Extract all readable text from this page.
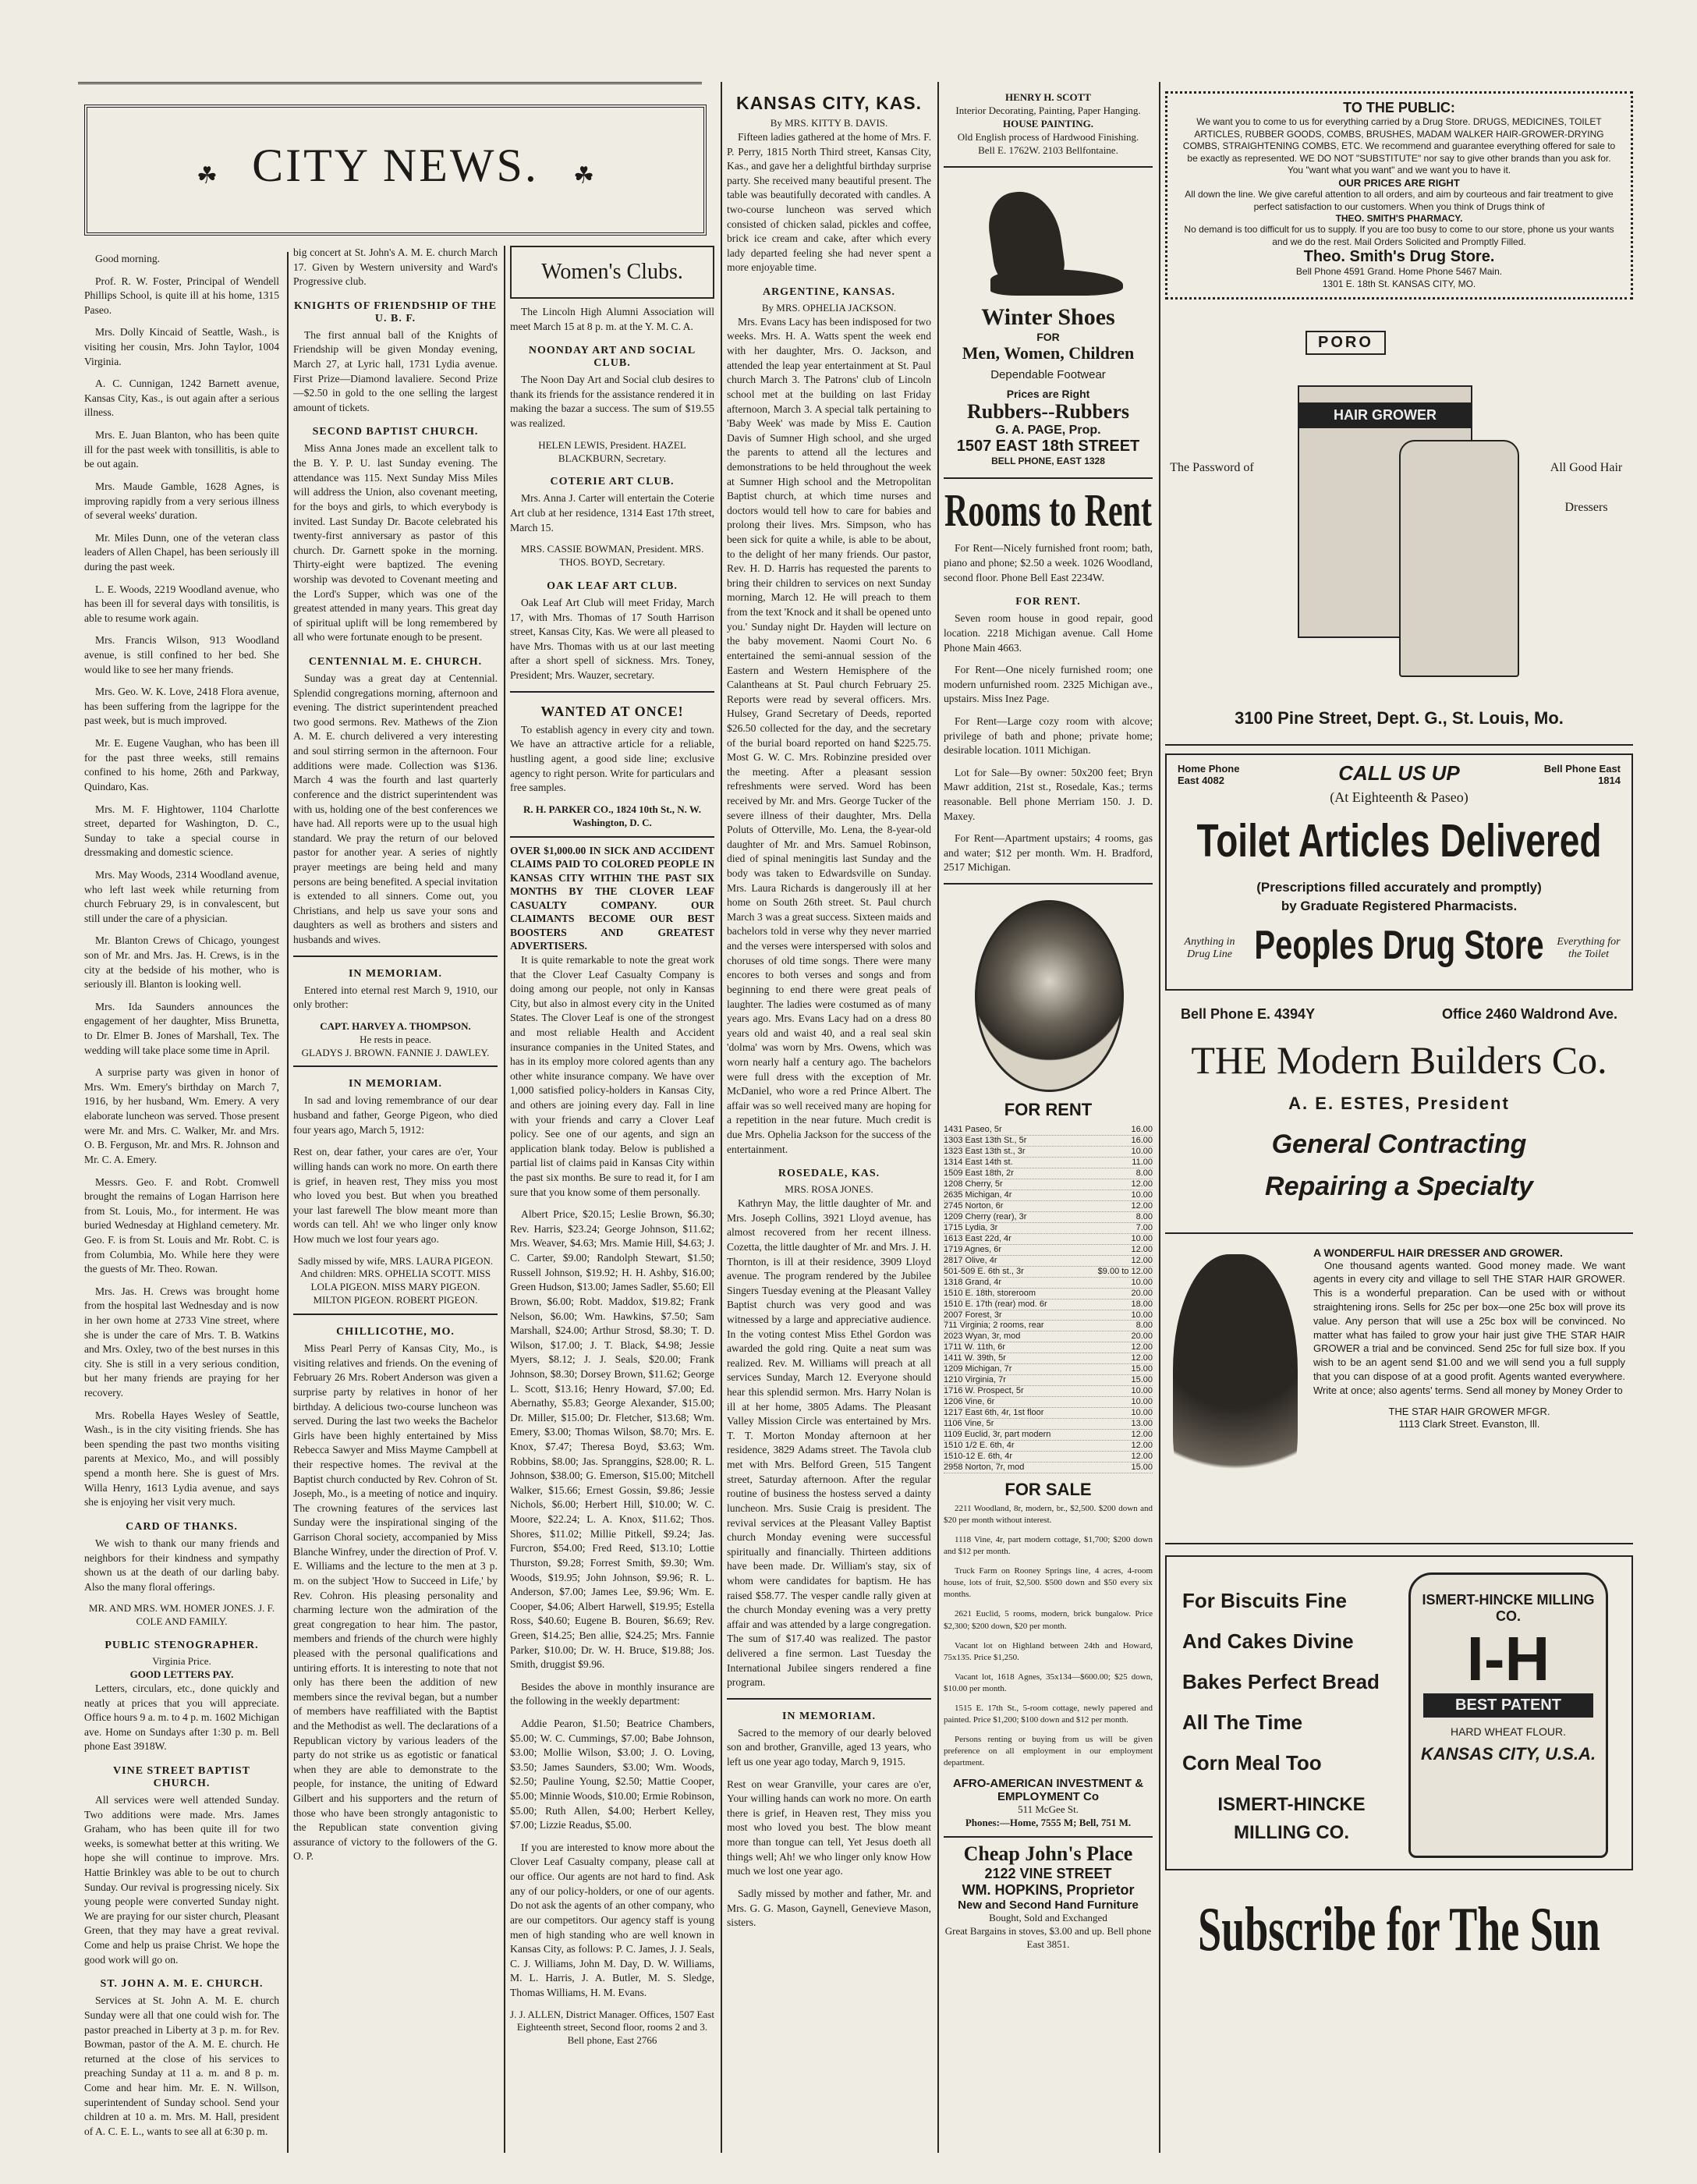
☘ CITY NEWS.	☘

Good morning.

Prof. R. W. Foster, Principal of Wendell Phillips School, is quite ill at his home, 1315 Paseo.

Mrs. Dolly Kincaid of Seattle, Wash., is visiting her cousin, Mrs. John Taylor, 1004 Virginia.

A. C. Cunnigan, 1242 Barnett avenue, Kansas City, Kas., is out again after a serious illness.

Mrs. E. Juan Blanton, who has been quite ill for the past week with tonsillitis, is able to be out again.

Mrs. Maude Gamble, 1628 Agnes, is improving rapidly from a very serious illness of several weeks' duration.

Mr. Miles Dunn, one of the veteran class leaders of Allen Chapel, has been seriously ill during the past week.

L. E. Woods, 2219 Woodland avenue, who has been ill for several days with tonsilitis, is able to resume work again.

Mrs. Francis Wilson, 913 Woodland avenue, is still confined to her bed. She would like to see her many friends.

Mrs. Geo. W. K. Love, 2418 Flora avenue, has been suffering from the lagrippe for the past week, but is much improved.

Mr. E. Eugene Vaughan, who has been ill for the past three weeks, still remains confined to his home, 26th and Parkway, Quindaro, Kas.

Mrs. M. F. Hightower, 1104 Charlotte street, departed for Washington, D. C., Sunday to take a special course in dressmaking and domestic science.

Mrs. May Woods, 2314 Woodland avenue, who left last week while returning from church February 29, is in convalescent, but still under the care of a physician.

Mr. Blanton Crews of Chicago, youngest son of Mr. and Mrs. Jas. H. Crews, is in the city at the bedside of his mother, who is seriously ill. Blanton is looking well.

Mrs. Ida Saunders announces the engagement of her daughter, Miss Brunetta, to Dr. Elmer B. Jones of Marshall, Tex. The wedding will take place some time in April.

A surprise party was given in honor of Mrs. Wm. Emery's birthday on March 7, 1916, by her husband, Wm. Emery. A very elaborate luncheon was served. Those present were Mr. and Mrs. C. Walker, Mr. and Mrs. O. B. Ferguson, Mr. and Mrs. R. Johnson and Mr. C. A. Emery.

Messrs. Geo. F. and Robt. Cromwell brought the remains of Logan Harrison here from St. Louis, Mo., for interment. He was buried Wednesday at Highland cemetery. Mr. Geo. F. is from St. Louis and Mr. Robt. C. is from Columbia, Mo. While here they were the guests of Mr. Theo. Rowan.

Mrs. Jas. H. Crews was brought home from the hospital last Wednesday and is now in her own home at 2733 Vine street, where she is under the care of Mrs. T. B. Watkins and Mrs. Oxley, two of the best nurses in this city. She is still in a very serious condition, but her many friends are praying for her recovery.

Mrs. Robella Hayes Wesley of Seattle, Wash., is in the city visiting friends. She has been spending the past two months visiting parents at Mexico, Mo., and will possibly spend a month here. She is guest of Mrs. Willa Henry, 1613 Lydia avenue, and says she is enjoying her visit very much.

CARD OF THANKS.

We wish to thank our many friends and neighbors for their kindness and sympathy shown us at the death of our darling baby. Also the many floral offerings.

MR. AND MRS. WM. HOMER JONES. J. F. COLE AND FAMILY.

PUBLIC STENOGRAPHER.

Virginia Price.

GOOD LETTERS PAY.

Letters, circulars, etc., done quickly and neatly at prices that you will appreciate. Office hours 9 a. m. to 4 p. m. 1602 Michigan ave. Home on Sundays after 1:30 p. m. Bell phone East 3918W.

VINE STREET BAPTIST CHURCH.

All services were well attended Sunday. Two additions were made. Mrs. James Graham, who has been quite ill for two weeks, is somewhat better at this writing. We hope she will continue to improve. Mrs. Hattie Brinkley was able to be out to church Sunday. Our revival is progressing nicely. Six young people were converted Sunday night. We are praying for our sister church, Pleasant Green, that they may have a great revival. Come and help us praise Christ. We hope the good work will go on.

ST. JOHN A. M. E. CHURCH.

Services at St. John A. M. E. church Sunday were all that one could wish for. The pastor preached in Liberty at 3 p. m. for Rev. Bowman, pastor of the A. M. E. church. He returned at the close of his services to preaching Sunday at 11 a. m. and 8 p. m. Come and hear him. Mr. E. N. Willson, superintendent of Sunday school. Send your children at 10 a. m. Mrs. M. Hall, president of A. C. E. L., wants to see all at 6:30 p. m.

big concert at St. John's A. M. E. church March 17. Given by Western university and Ward's Progressive club.

KNIGHTS OF FRIENDSHIP OF THE U. B. F.

The first annual ball of the Knights of Friendship will be given Monday evening, March 27, at Lyric hall, 1731 Lydia avenue. First Prize—Diamond lavaliere. Second Prize—$2.50 in gold to the one selling the largest amount of tickets.

SECOND BAPTIST CHURCH.

Miss Anna Jones made an excellent talk to the B. Y. P. U. last Sunday evening. The attendance was 115. Next Sunday Miss Miles will address the Union, also covenant meeting, for the boys and girls, to which everybody is invited. Last Sunday Dr. Bacote celebrated his twenty-first anniversary as pastor of this church. Dr. Garnett spoke in the morning. Thirty-eight were baptized. The evening worship was devoted to Covenant meeting and the Lord's Supper, which was one of the greatest attended in many years. This great day of spiritual uplift will be long remembered by all who were fortunate enough to be present.

CENTENNIAL M. E. CHURCH.

Sunday was a great day at Centennial. Splendid congregations morning, afternoon and evening. The district superintendent preached two good sermons. Rev. Mathews of the Zion A. M. E. church delivered a very interesting and soul stirring sermon in the afternoon. Four additions were made. Collection was $136. March 4 was the fourth and last quarterly conference and the district superintendent was with us, holding one of the best conferences we have had. All reports were up to the usual high standard. We pray the return of our beloved pastor for another year. A series of nightly prayer meetings are being held and many persons are being benefited. A special invitation is extended to all sinners. Come out, you Christians, and help us save your sons and daughters as well as brothers and sisters and husbands and wives.

IN MEMORIAM.

Entered into eternal rest March 9, 1910, our only brother:

CAPT. HARVEY A. THOMPSON.

He rests in peace.

GLADYS J. BROWN. FANNIE J. DAWLEY.

IN MEMORIAM.

In sad and loving remembrance of our dear husband and father, George Pigeon, who died four years ago, March 5, 1912:

Rest on, dear father, your cares are o'er, Your willing hands can work no more. On earth there is grief, in heaven rest, They miss you most who loved you best. But when you breathed your last farewell The blow meant more than words can tell. Ah! we who linger only know How much we lost four years ago.

Sadly missed by wife, MRS. LAURA PIGEON. And children: MRS. OPHELIA SCOTT. MISS LOLA PIGEON. MISS MARY PIGEON. MILTON PIGEON. ROBERT PIGEON.

CHILLICOTHE, MO.

Miss Pearl Perry of Kansas City, Mo., is visiting relatives and friends. On the evening of February 26 Mrs. Robert Anderson was given a surprise party by relatives in honor of her birthday. A delicious two-course luncheon was served. During the last two weeks the Bachelor Girls have been highly entertained by Miss Rebecca Sawyer and Miss Mayme Campbell at their respective homes. The revival at the Baptist church conducted by Rev. Cohron of St. Joseph, Mo., is a meeting of notice and inquiry. The crowning features of the services last Sunday were the inspirational singing of the Garrison Choral society, accompanied by Miss Blanche Winfrey, under the direction of Prof. V. E. Williams and the lecture to the men at 3 p. m. on the subject 'How to Succeed in Life,' by Rev. Cohron. His pleasing personality and charming lecture won the admiration of the great congregation to hear him. The pastor, members and friends of the church were highly pleased with the personal qualifications and untiring efforts. It is interesting to note that not only has there been the addition of new members since the revival began, but a number of members have reaffiliated with the Baptist and the Methodist as well. The declarations of a Republican victory by various leaders of the party do not strike us as egotistic or fanatical when they are able to demonstrate to the people, for instance, the uniting of Edward Gilbert and his supporters and the return of those who have been strongly antagonistic to the Republican state convention giving assurance of victory to the followers of the G. O. P.

Women's Clubs.

The Lincoln High Alumni Association will meet March 15 at 8 p. m. at the Y. M. C. A.

NOONDAY ART AND SOCIAL CLUB.

The Noon Day Art and Social club desires to thank its friends for the assistance rendered it in making the bazar a success. The sum of $19.55 was realized.

HELEN LEWIS, President. HAZEL BLACKBURN, Secretary.

COTERIE ART CLUB.

Mrs. Anna J. Carter will entertain the Coterie Art club at her residence, 1314 East 17th street, March 15.

MRS. CASSIE BOWMAN, President. MRS. THOS. BOYD, Secretary.

OAK LEAF ART CLUB.

Oak Leaf Art Club will meet Friday, March 17, with Mrs. Thomas of 17 South Harrison street, Kansas City, Kas. We were all pleased to have Mrs. Thomas with us at our last meeting after a short spell of sickness. Mrs. Toney, President; Mrs. Wauzer, secretary.

WANTED AT ONCE!

To establish agency in every city and town. We have an attractive article for a reliable, hustling agent, a good side line; exclusive agency to right person. Write for particulars and free samples.

R. H. PARKER CO., 1824 10th St., N. W. Washington, D. C.

OVER $1,000.00 IN SICK AND ACCIDENT CLAIMS PAID TO COLORED PEOPLE IN KANSAS CITY WITHIN THE PAST SIX MONTHS BY THE CLOVER LEAF CASUALTY COMPANY. OUR CLAIMANTS BECOME OUR BEST BOOSTERS AND GREATEST ADVERTISERS.

It is quite remarkable to note the great work that the Clover Leaf Casualty Company is doing among our people, not only in Kansas City, but also in almost every city in the United States. The Clover Leaf is one of the strongest and most reliable Health and Accident insurance companies in the United States, and has in its employ more colored agents than any other white insurance company. We have over 1,000 satisfied policy-holders in Kansas City, and others are joining every day. Fall in line with your friends and carry a Clover Leaf policy. See one of our agents, and sign an application blank today. Below is published a partial list of claims paid in Kansas City within the past six months. Be sure to read it, for I am sure that you know some of them personally.

Albert Price, $20.15; Leslie Brown, $6.30; Rev. Harris, $23.24; George Johnson, $11.62; Mrs. Weaver, $4.63; Mrs. Mamie Hill, $4.63; J. C. Carter, $9.00; Randolph Stewart, $1.50; Russell Johnson, $19.92; H. H. Ashby, $16.00; Green Hudson, $13.00; James Sadler, $5.60; Ell Brown, $6.00; Robt. Maddox, $19.82; Frank Nelson, $6.00; Wm. Hawkins, $7.50; Sam Marshall, $24.00; Arthur Strosd, $8.30; T. D. Wilson, $17.00; J. T. Black, $4.98; Jessie Myers, $8.12; J. J. Seals, $20.00; Frank Johnson, $8.30; Dorsey Brown, $11.62; George L. Scott, $13.16; Henry Howard, $7.00; Ed. Abernathy, $5.83; George Alexander, $15.00; Dr. Miller, $15.00; Dr. Fletcher, $13.68; Wm. Emery, $3.00; Thomas Wilson, $8.70; Mrs. E. Knox, $7.47; Theresa Boyd, $3.63; Wm. Robbins, $8.00; Jas. Spranggins, $28.00; R. L. Johnson, $38.00; G. Emerson, $15.00; Mitchell Walker, $15.66; Ernest Gossin, $9.86; Jessie Nichols, $6.00; Herbert Hill, $10.00; W. C. Moore, $22.24; L. A. Knox, $11.62; Thos. Shores, $11.02; Millie Pitkell, $9.24; Jas. Furcron, $54.00; Fred Reed, $13.10; Lottie Thurston, $9.28; Forrest Smith, $9.30; Wm. Woods, $19.95; John Johnson, $9.96; R. L. Anderson, $7.00; James Lee, $9.96; Wm. E. Cooper, $4.06; Albert Harwell, $19.95; Estella Ross, $40.60; Eugene B. Bouren, $6.69; Rev. Green, $14.25; Ben allie, $24.25; Mrs. Fannie Parker, $10.00; Dr. W. H. Bruce, $19.88; Jos. Smith, druggist $9.96.

Besides the above in monthly insurance are the following in the weekly department:

Addie Pearon, $1.50; Beatrice Chambers, $5.00; W. C. Cummings, $7.00; Babe Johnson, $3.00; Mollie Wilson, $3.00; J. O. Loving, $3.50; James Saunders, $3.00; Wm. Woods, $2.50; Pauline Young, $2.50; Mattie Cooper, $5.00; Minnie Woods, $10.00; Ermie Robinson, $5.00; Ruth Allen, $4.00; Herbert Kelley, $7.00; Lizzie Readus, $5.00.

If you are interested to know more about the Clover Leaf Casualty company, please call at our office. Our agents are not hard to find. Ask any of our policy-holders, or one of our agents. Do not ask the agents of an other company, who are our competitors. Our agency staff is young men of high standing who are well known in Kansas City, as follows: P. C. James, J. J. Seals, C. J. Williams, John M. Day, D. W. Williams, M. L. Harris, J. A. Butler, M. S. Sledge, Thomas Williams, H. M. Evans.

J. J. ALLEN, District Manager. Offices, 1507 East Eighteenth street, Second floor, rooms 2 and 3. Bell phone, East 2766

KANSAS CITY, KAS.

By MRS. KITTY B. DAVIS.

Fifteen ladies gathered at the home of Mrs. F. P. Perry, 1815 North Third street, Kansas City, Kas., and gave her a delightful birthday surprise party. She received many beautiful present. The table was beautifully decorated with candles. A two-course luncheon was served which consisted of chicken salad, pickles and coffee, brick ice cream and cake, after which every lady departed feeling she had never spent a more enjoyable time.

ARGENTINE, KANSAS.

By MRS. OPHELIA JACKSON.

Mrs. Evans Lacy has been indisposed for two weeks. Mrs. H. A. Watts spent the week end with her daughter, Mrs. O. Jackson, and attended the leap year entertainment at St. Paul church March 3. The Patrons' club of Lincoln school met at the building on last Friday afternoon, March 3. A special talk pertaining to 'Baby Week' was made by Miss E. Caution Davis of Sumner High school, and she urged the parents to attend all the lectures and demonstrations to be held throughout the week at Sumner High school and the Metropolitan Baptist church, at which time nurses and doctors would tell how to care for babies and prolong their lives. Mrs. Simpson, who has been sick for quite a while, is able to be about, to the delight of her many friends. Our pastor, Rev. H. D. Harris has requested the parents to bring their children to services on next Sunday morning, March 12. He will preach to them from the text 'Knock and it shall be opened unto you.' Sunday night Dr. Hayden will lecture on the baby movement. Naomi Court No. 6 entertained the semi-annual session of the Eastern and Western Hemisphere of the Calantheans at St. Paul church February 25. Reports were read by several officers. Mrs. Hulsey, Grand Secretary of Deeds, reported $26.50 collected for the day, and the secretary of the burial board reported on hand $225.75. Most G. W. C. Mrs. Robinzine presided over the meeting. After a pleasant session refreshments were served. Word has been received by Mr. and Mrs. George Tucker of the severe illness of their daughter, Mrs. Della Poluts of Otterville, Mo. Lena, the 8-year-old daughter of Mr. and Mrs. Samuel Robinson, died of spinal meningitis last Sunday and the body was taken to Edwardsville on Sunday. Mrs. Laura Richards is dangerously ill at her home on South 26th street. St. Paul church March 3 was a great success. Sixteen maids and bachelors told in verse why they never married and the verses were interspersed with solos and choruses of old time songs. There were many encores to both verses and songs and from beginning to end there were great peals of laughter. The ladies were costumed as of many years ago. Mrs. Evans Lacy had on a dress 80 years old and waist 40, and a real seal skin 'dolma' was worn by Mrs. Owens, which was worn nearly half a century ago. The bachelors were full dress with the exception of Mr. McDaniel, who wore a red Prince Albert. The affair was so well received many are hoping for a repetition in the near future. Much credit is due Mrs. Ophelia Jackson for the success of the entertainment.

ROSEDALE, KAS.

MRS. ROSA JONES.

Kathryn May, the little daughter of Mr. and Mrs. Joseph Collins, 3921 Lloyd avenue, has almost recovered from her recent illness. Cozetta, the little daughter of Mr. and Mrs. J. H. Thornton, is ill at their residence, 3909 Lloyd avenue. The program rendered by the Jubilee Singers Tuesday evening at the Pleasant Valley Baptist church was very good and was witnessed by a large and appreciative audience. In the voting contest Miss Ethel Gordon was awarded the gold ring. Quite a neat sum was realized. Rev. M. Williams will preach at all services Sunday, March 12. Everyone should hear this splendid sermon. Mrs. Harry Nolan is ill at her home, 3805 Adams. The Pleasant Valley Mission Circle was entertained by Mrs. T. T. Morton Monday afternoon at her residence, 3829 Adams street. The Tavola club met with Mrs. Belford Green, 515 Tangent street, Saturday afternoon. After the regular routine of business the hostess served a dainty luncheon. Mrs. Susie Craig is president. The revival services at the Pleasant Valley Baptist church Monday evening were successful spiritually and financially. Thirteen additions have been made. Dr. William's stay, six of whom were candidates for baptism. He has raised $58.77. The vesper candle rally given at the church Monday evening was a very pretty affair and was attended by a large congregation. The sum of $17.40 was realized. The pastor delivered a fine sermon. Last Tuesday the International Jubilee singers rendered a fine program.

IN MEMORIAM.

Sacred to the memory of our dearly beloved son and brother, Granville, aged 13 years, who left us one year ago today, March 9, 1915.

Rest on wear Granville, your cares are o'er, Your willing hands can work no more. On earth there is grief, in Heaven rest, They miss you most who loved you best. The blow meant more than tongue can tell, Yet Jesus doeth all things well; Ah! we who linger only know How much we lost one year ago.

Sadly missed by mother and father, Mr. and Mrs. G. G. Mason, Gaynell, Genevieve Mason, sisters.

HENRY H. SCOTT

Interior Decorating, Painting, Paper Hanging.

HOUSE PAINTING.

Old English process of Hardwood Finishing.

Bell E. 1762W. 2103 Bellfontaine.

Winter Shoes

FOR

Men, Women, Children

Dependable Footwear

Prices are Right

Rubbers--Rubbers

G. A. PAGE, Prop.

1507 EAST 18th STREET

BELL PHONE, EAST 1328

Rooms to Rent

For Rent—Nicely furnished front room; bath, piano and phone; $2.50 a week. 1026 Woodland, second floor. Phone Bell East 2234W.

FOR RENT.

Seven room house in good repair, good location. 2218 Michigan avenue. Call Home Phone Main 4663.

For Rent—One nicely furnished room; one modern unfurnished room. 2325 Michigan ave., upstairs. Miss Inez Page.

For Rent—Large cozy room with alcove; privilege of bath and phone; private home; desirable location. 1011 Michigan.

Lot for Sale—By owner: 50x200 feet; Bryn Mawr addition, 21st st., Rosedale, Kas.; terms reasonable. Bell phone Merriam 150. J. D. Maxey.

For Rent—Apartment upstairs; 4 rooms, gas and water; $12 per month. Wm. H. Bradford, 2517 Michigan.

FOR RENT

1431 Paseo, 5r	16.00
1303 East 13th St., 5r	16.00
1323 East 13th st., 3r	10.00
1314 East 14th st.	11.00
1509 East 18th, 2r	8.00
1208 Cherry, 5r	12.00
2635 Michigan, 4r	10.00
2745 Norton, 6r	12.00
1209 Cherry (rear), 3r	8.00
1715 Lydia, 3r	7.00
1613 East 22d, 4r	10.00
1719 Agnes, 6r	12.00
2817 Olive, 4r	12.00
501-509 E. 6th st., 3r	$9.00 to 12.00
1318 Grand, 4r	10.00
1510 E. 18th, storeroom	20.00
1510 E. 17th (rear) mod. 6r	18.00
2007 Forest, 3r	10.00
711 Virginia; 2 rooms, rear	8.00
2023 Wyan, 3r, mod	20.00
1711 W. 11th, 6r	12.00
1411 W. 39th, 5r	12.00
1209 Michigan, 7r	15.00
1210 Virginia, 7r	15.00
1716 W. Prospect, 5r	10.00
1206 Vine, 6r	10.00
1217 East 6th, 4r, 1st floor	10.00
1106 Vine, 5r	13.00
1109 Euclid, 3r, part modern	12.00
1510 1/2 E. 6th, 4r	12.00
1510-12 E. 6th, 4r	12.00
2958 Norton, 7r, mod	15.00

FOR SALE

2211 Woodland, 8r, modern, br., $2,500. $200 down and $20 per month without interest.

1118 Vine, 4r, part modern cottage, $1,700; $200 down and $12 per month.

Truck Farm on Rooney Springs line, 4 acres, 4-room house, lots of fruit, $2,500. $500 down and $50 every six months.

2621 Euclid, 5 rooms, modern, brick bungalow. Price $2,300; $200 down, $20 per month.

Vacant lot on Highland between 24th and Howard, 75x135. Price $1,250.

Vacant lot, 1618 Agnes, 35x134—$600.00; $25 down, $10.00 per month.

1515 E. 17th St., 5-room cottage, newly papered and painted. Price $1,200; $100 down and $12 per month.

Persons renting or buying from us will be given preference on all employment in our employment department.

AFRO-AMERICAN INVESTMENT & EMPLOYMENT Co

511 McGee St.

Phones:—Home, 7555 M; Bell, 751 M.

Cheap John's Place

2122 VINE STREET

WM. HOPKINS, Proprietor

New and Second Hand Furniture

Bought, Sold and Exchanged

Great Bargains in stoves, $3.00 and up. Bell phone East 3851.

TO THE PUBLIC:

We want you to come to us for everything carried by a Drug Store. DRUGS, MEDICINES, TOILET ARTICLES, RUBBER GOODS, COMBS, BRUSHES, MADAM WALKER HAIR-GROWER-DRYING COMBS, STRAIGHTENING COMBS, ETC. We recommend and guarantee everything offered for sale to be exactly as represented. WE DO NOT "SUBSTITUTE" nor say to give other brands than you ask for. You "want what you want" and we want you to have it.

OUR PRICES ARE RIGHT

All down the line. We give careful attention to all orders, and aim by courteous and fair treatment to give perfect satisfaction to our customers. When you think of Drugs think of

THEO. SMITH'S PHARMACY.

No demand is too difficult for us to supply. If you are too busy to come to our store, phone us your wants and we do the rest. Mail Orders Solicited and Promptly Filled.

Theo. Smith's Drug Store.

Bell Phone 4591 Grand. Home Phone 5467 Main.

1301 E. 18th St. KANSAS CITY, MO.

PORO
HAIR GROWER
The Password of	All Good Hair Dressers
3100 Pine Street, Dept. G., St. Louis, Mo.
Home Phone East 4082
Bell Phone East 1814
CALL US UP
(At Eighteenth & Paseo)
Toilet Articles Delivered
(Prescriptions filled accurately and promptly)
by Graduate Registered Pharmacists.
Anything in Drug Line Peoples Drug Store	Everything for the Toilet
Bell Phone E. 4394Y	Office 2460 Waldrond Ave.
THE Modern Builders Co.
A. E. ESTES, President
General Contracting
Repairing a Specialty

A WONDERFUL HAIR DRESSER AND GROWER.

One thousand agents wanted. Good money made. We want agents in every city and village to sell THE STAR HAIR GROWER. This is a wonderful preparation. Can be used with or without straightening irons. Sells for 25c per box—one 25c box will prove its value. Any person that will use a 25c box will be convinced. No matter what has failed to grow your hair just give THE STAR HAIR GROWER a trial and be convinced. Send 25c for full size box. If you wish to be an agent send $1.00 and we will send you a full supply that you can dispose of at a good profit. Agents wanted everywhere. Write at once; also agents' terms. Send all money by Money Order to

THE STAR HAIR GROWER MFGR.

1113 Clark Street. Evanston, Ill.

For Biscuits Fine
And Cakes Divine
Bakes Perfect Bread
All The Time
Corn Meal Too
ISMERT-HINCKE MILLING CO.
ISMERT-HINCKE MILLING CO.
I-H
BEST PATENT
HARD WHEAT FLOUR.
KANSAS CITY, U.S.A.
Subscribe for The Sun
